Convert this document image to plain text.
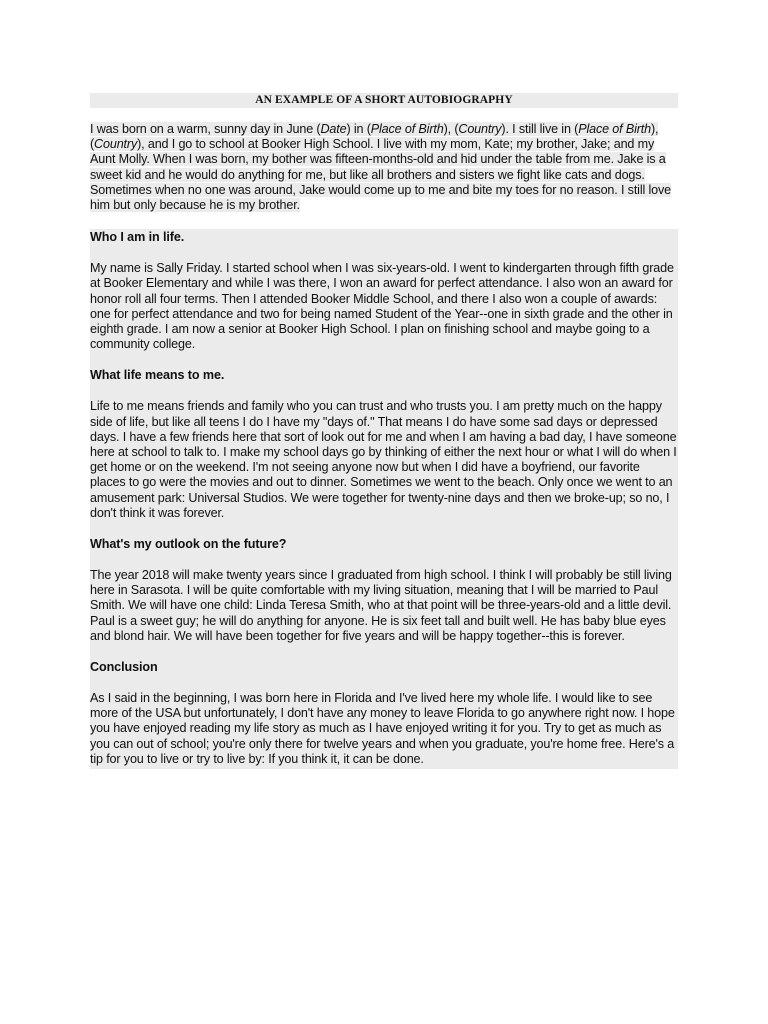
AN EXAMPLE OF A SHORT AUTOBIOGRAPHY
I was born on a warm, sunny day in June (Date) in (Place of Birth), (Country). I still live in (Place of Birth), (Country), and I go to school at Booker High School. I live with my mom, Kate; my brother, Jake; and my Aunt Molly. When I was born, my bother was fifteen-months-old and hid under the table from me. Jake is a sweet kid and he would do anything for me, but like all brothers and sisters we fight like cats and dogs. Sometimes when no one was around, Jake would come up to me and bite my toes for no reason. I still love him but only because he is my brother.
Who I am in life.

My name is Sally Friday. I started school when I was six-years-old. I went to kindergarten through fifth grade at Booker Elementary and while I was there, I won an award for perfect attendance. I also won an award for honor roll all four terms. Then I attended Booker Middle School, and there I also won a couple of awards: one for perfect attendance and two for being named Student of the Year--one in sixth grade and the other in eighth grade. I am now a senior at Booker High School. I plan on finishing school and maybe going to a community college.

What life means to me.

Life to me means friends and family who you can trust and who trusts you. I am pretty much on the happy side of life, but like all teens I do I have my "days of." That means I do have some sad days or depressed days. I have a few friends here that sort of look out for me and when I am having a bad day, I have someone here at school to talk to. I make my school days go by thinking of either the next hour or what I will do when I get home or on the weekend. I'm not seeing anyone now but when I did have a boyfriend, our favorite places to go were the movies and out to dinner. Sometimes we went to the beach. Only once we went to an amusement park: Universal Studios. We were together for twenty-nine days and then we broke-up; so no, I don't think it was forever.

What's my outlook on the future?

The year 2018 will make twenty years since I graduated from high school. I think I will probably be still living here in Sarasota. I will be quite comfortable with my living situation, meaning that I will be married to Paul Smith. We will have one child: Linda Teresa Smith, who at that point will be three-years-old and a little devil. Paul is a sweet guy; he will do anything for anyone. He is six feet tall and built well. He has baby blue eyes and blond hair. We will have been together for five years and will be happy together--this is forever.

Conclusion

As I said in the beginning, I was born here in Florida and I've lived here my whole life. I would like to see more of the USA but unfortunately, I don't have any money to leave Florida to go anywhere right now. I hope you have enjoyed reading my life story as much as I have enjoyed writing it for you. Try to get as much as you can out of school; you're only there for twelve years and when you graduate, you're home free. Here's a tip for you to live or try to live by: If you think it, it can be done.
